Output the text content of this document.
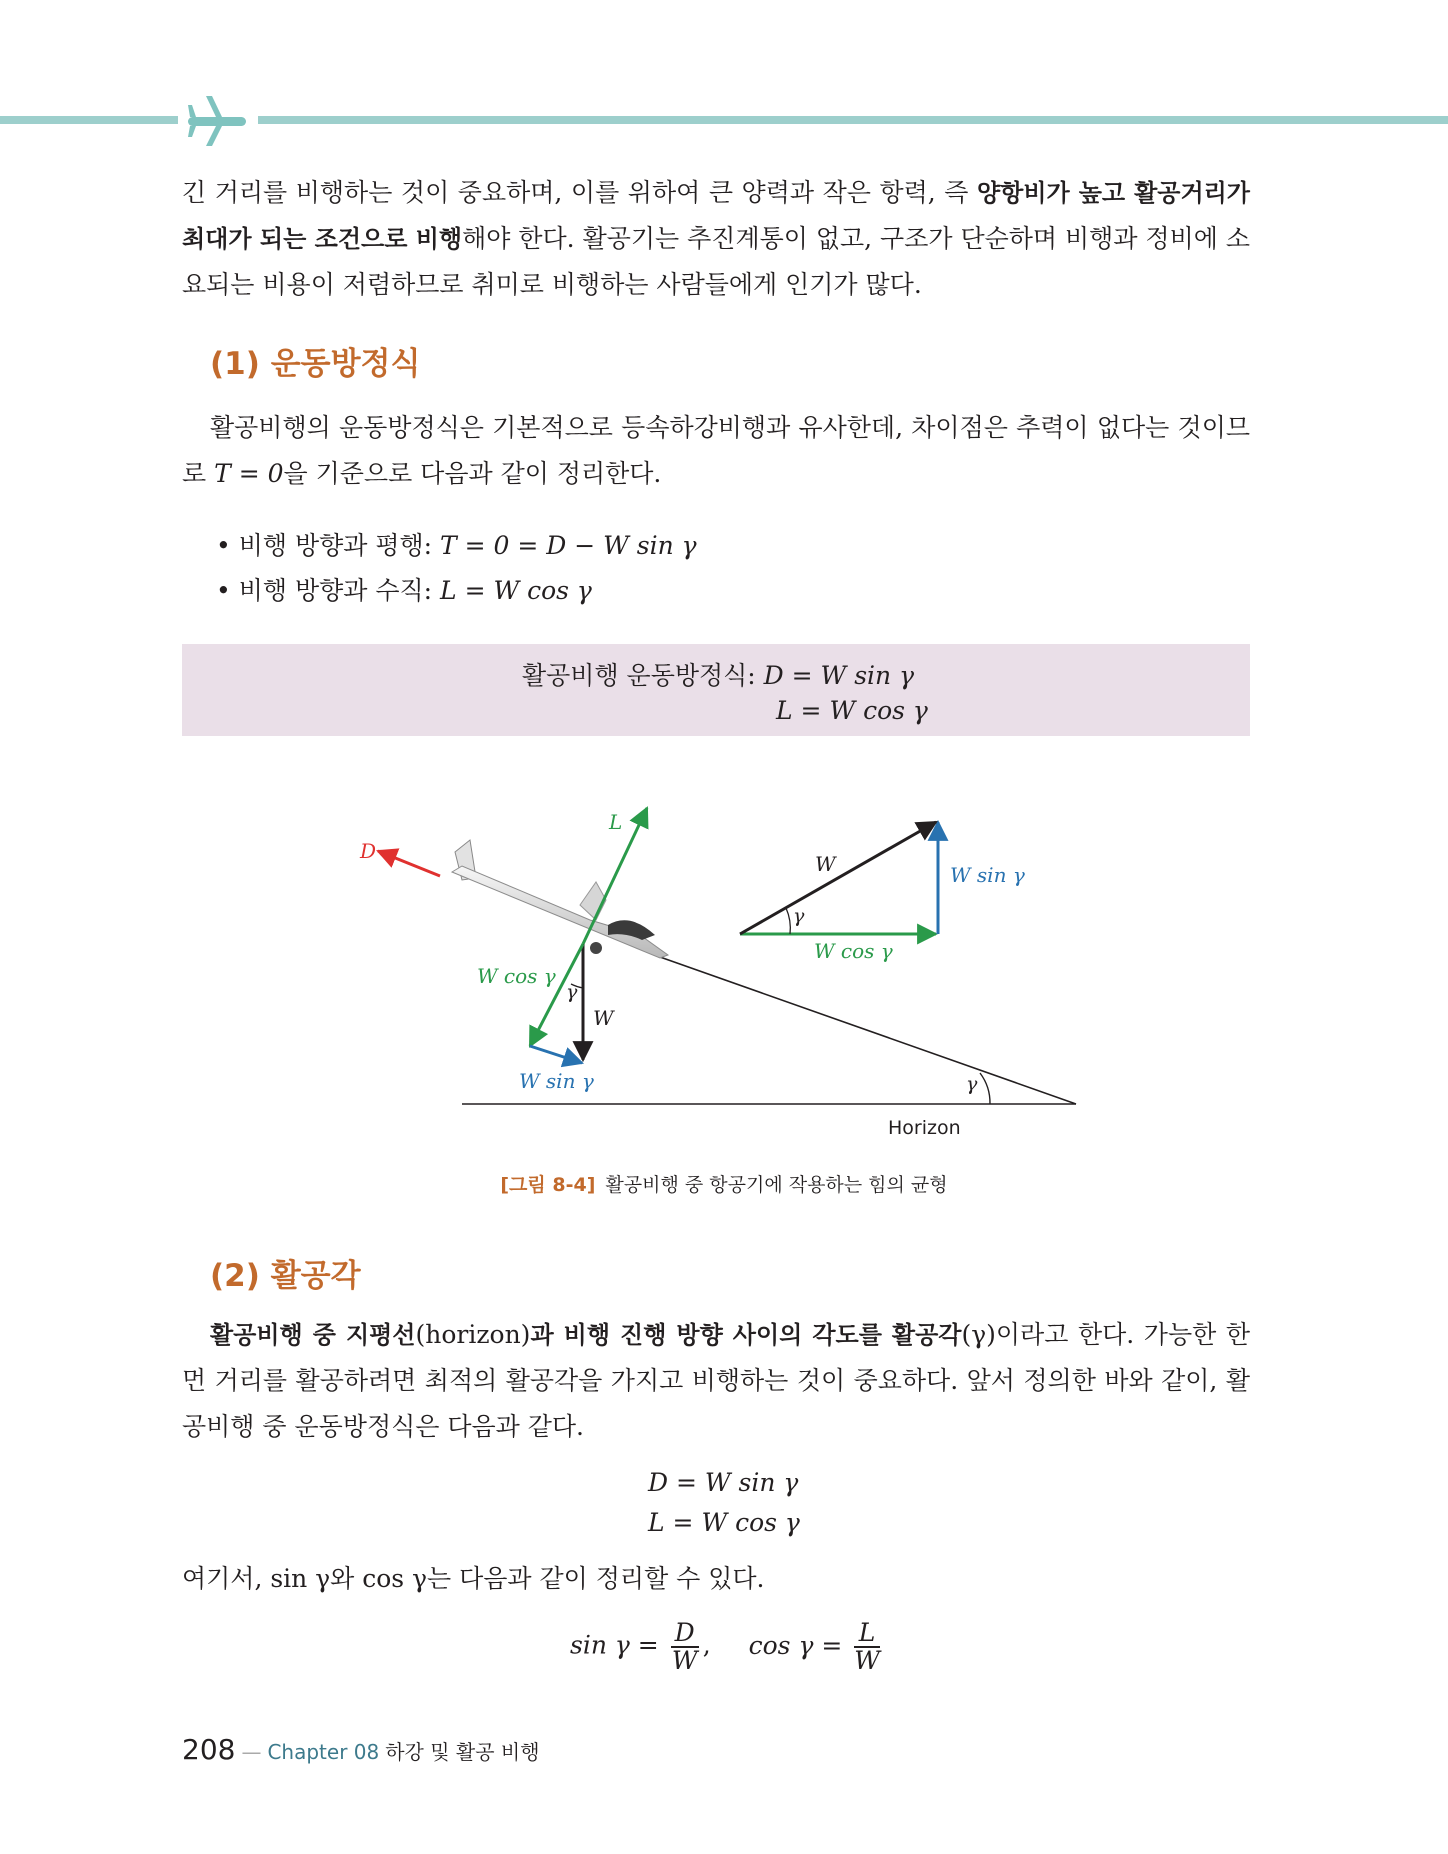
긴 거리를 비행하는 것이 중요하며, 이를 위하여 큰 양력과 작은 항력, 즉 양항비가 높고 활공거리가 최대가 되는 조건으로 비행해야 한다. 활공기는 추진계통이 없고, 구조가 단순하며 비행과 정비에 소요되는 비용이 저렴하므로 취미로 비행하는 사람들에게 인기가 많다.

(1) 운동방정식

활공비행의 운동방정식은 기본적으로 등속하강비행과 유사한데, 차이점은 추력이 없다는 것이므로 T = 0을 기준으로 다음과 같이 정리한다.

• 비행 방향과 평행: T = 0 = D − W sin γ
• 비행 방향과 수직: L = W cos γ
활공비행 운동방정식: D = W sin γ
L = W cos γ
D
L
W cos γ
γ
W
W sin γ	γ
Horizon
W	W sin γ
W cos γ
γ
[그림 8-4] 활공비행 중 항공기에 작용하는 힘의 균형
(2) 활공각

활공비행 중 지평선(horizon)과 비행 진행 방향 사이의 각도를 활공각(γ)이라고 한다. 가능한 한 먼 거리를 활공하려면 최적의 활공각을 가지고 비행하는 것이 중요하다. 앞서 정의한 바와 같이, 활공비행 중 운동방정식은 다음과 같다.

D = W sin γ
L = W cos γ

여기서, sin γ와 cos γ는 다음과 같이 정리할 수 있다.

$\sin \gamma = \frac{D}{W}$ , $\cos \gamma = \frac{L}{W}$
208 — Chapter 08 하강 및 활공 비행
